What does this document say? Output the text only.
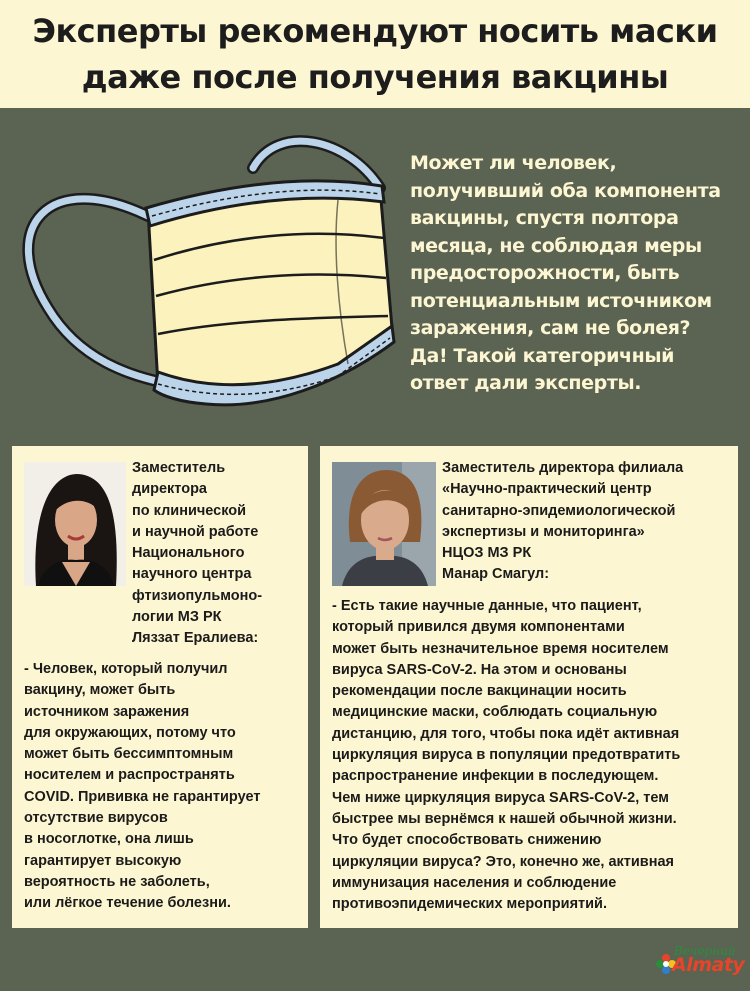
Эксперты рекомендуют носить маски
даже после получения вакцины

Может ли человек,
получивший оба компонента
вакцины, спустя полтора
месяца, не соблюдая меры
предосторожности, быть
потенциальным источником
заражения, сам не болея?
Да! Такой категоричный
ответ дали эксперты.

Заместитель
директора
по клинической
и научной работе
Национального
научного центра
фтизиопульмоно-
логии МЗ РК
Ляззат Ералиева:

- Человек, который получил
вакцину, может быть
источником заражения
для окружающих, потому что
может быть бессимптомным
носителем и распространять
COVID. Прививка не гарантирует
отсутствие вирусов
в носоглотке, она лишь
гарантирует высокую
вероятность не заболеть,
или лёгкое течение болезни.

Заместитель директора филиала
«Научно-практический центр
санитарно-эпидемиологической
экспертизы и мониторинга»
НЦОЗ МЗ РК
Манар Смагул:

- Есть такие научные данные, что пациент,
который привился двумя компонентами
может быть незначительное время носителем
вируса SARS-CoV-2. На этом и основаны
рекомендации после вакцинации носить
медицинские маски, соблюдать социальную
дистанцию, для того, чтобы пока идёт активная
циркуляция вируса в популяции предотвратить
распространение инфекции в последующем.
Чем ниже циркуляция вируса SARS-CoV-2, тем
быстрее мы вернёмся к нашей обычной жизни.
Что будет способствовать снижению
циркуляции вируса? Это, конечно же, активная
иммунизация населения и соблюдение
противоэпидемических мероприятий.

Вечерний
Almaty
